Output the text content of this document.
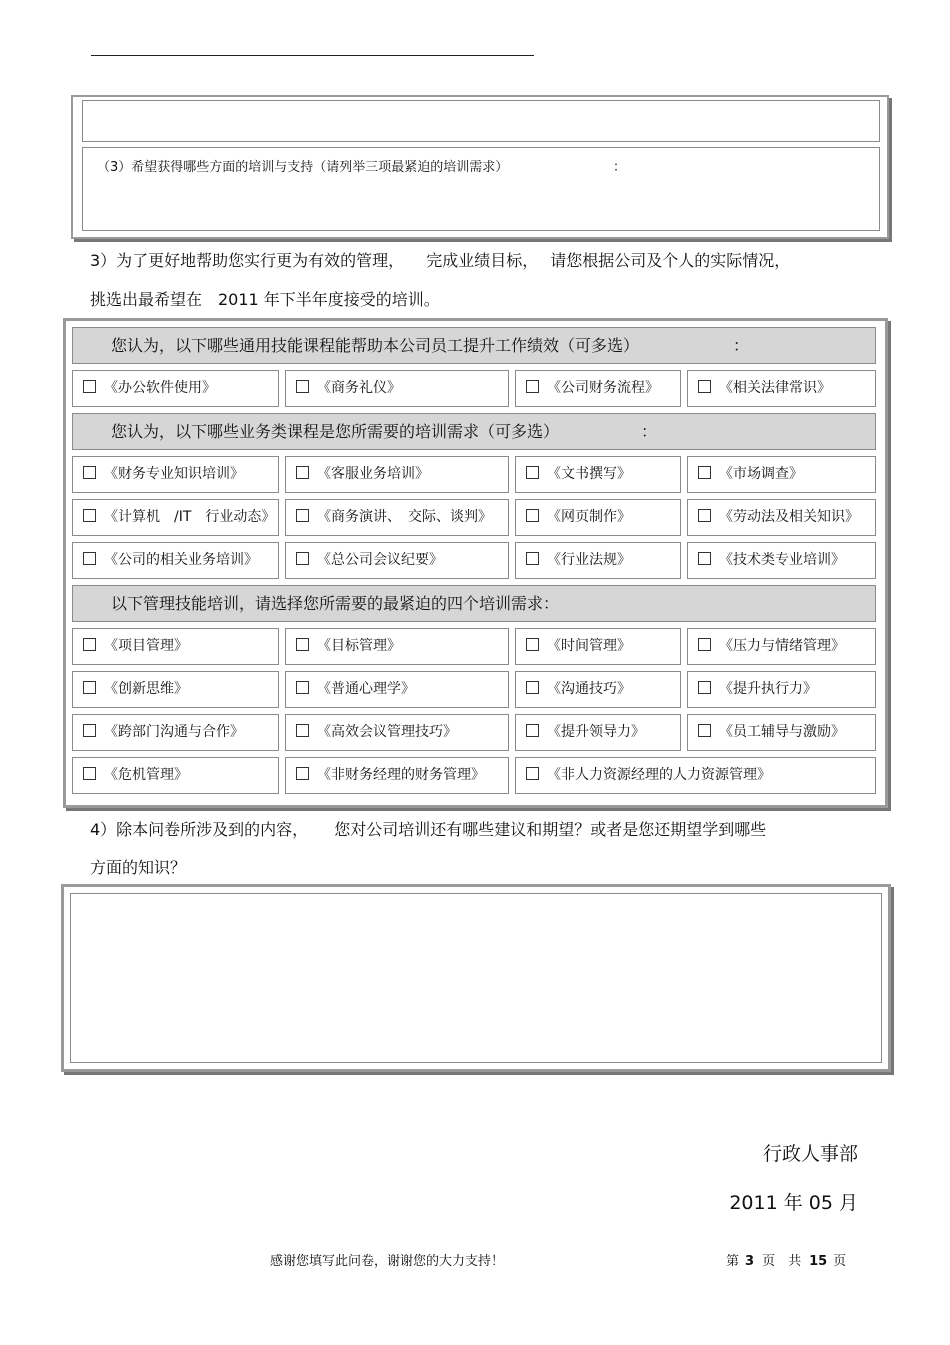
（3）希望获得哪些方面的培训与支持（请列举三项最紧迫的培训需求）	：
3）为了更好地帮助您实行更为有效的管理， 完成业绩目标， 请您根据公司及个人的实际情况，
挑选出最希望在　2011 年下半年度接受的培训。
您认为，以下哪些通用技能课程能帮助本公司员工提升工作绩效（可多选）	：
《办公软件使用》	《商务礼仪》	《公司财务流程》	《相关法律常识》
您认为，以下哪些业务类课程是您所需要的培训需求（可多选）	：
《财务专业知识培训》	《客服业务培训》	《文书撰写》	《市场调查》
《计算机　/IT　行业动态》	《商务演讲、　交际、谈判》	《网页制作》	《劳动法及相关知识》
《公司的相关业务培训》	《总公司会议纪要》	《行业法规》	《技术类专业培训》
以下管理技能培训，请选择您所需要的最紧迫的四个培训需求：
《项目管理》	《目标管理》	《时间管理》	《压力与情绪管理》
《创新思维》	《普通心理学》	《沟通技巧》	《提升执行力》
《跨部门沟通与合作》	《高效会议管理技巧》	《提升领导力》	《员工辅导与激励》
《危机管理》	《非财务经理的财务管理》	《非人力资源经理的人力资源管理》
4）除本问卷所涉及到的内容， 您对公司培训还有哪些建议和期望？或者是您还期望学到哪些
方面的知识？
行政人事部
2011 年 05 月
感谢您填写此问卷，谢谢您的大力支持！	第 3 页　共 15 页
